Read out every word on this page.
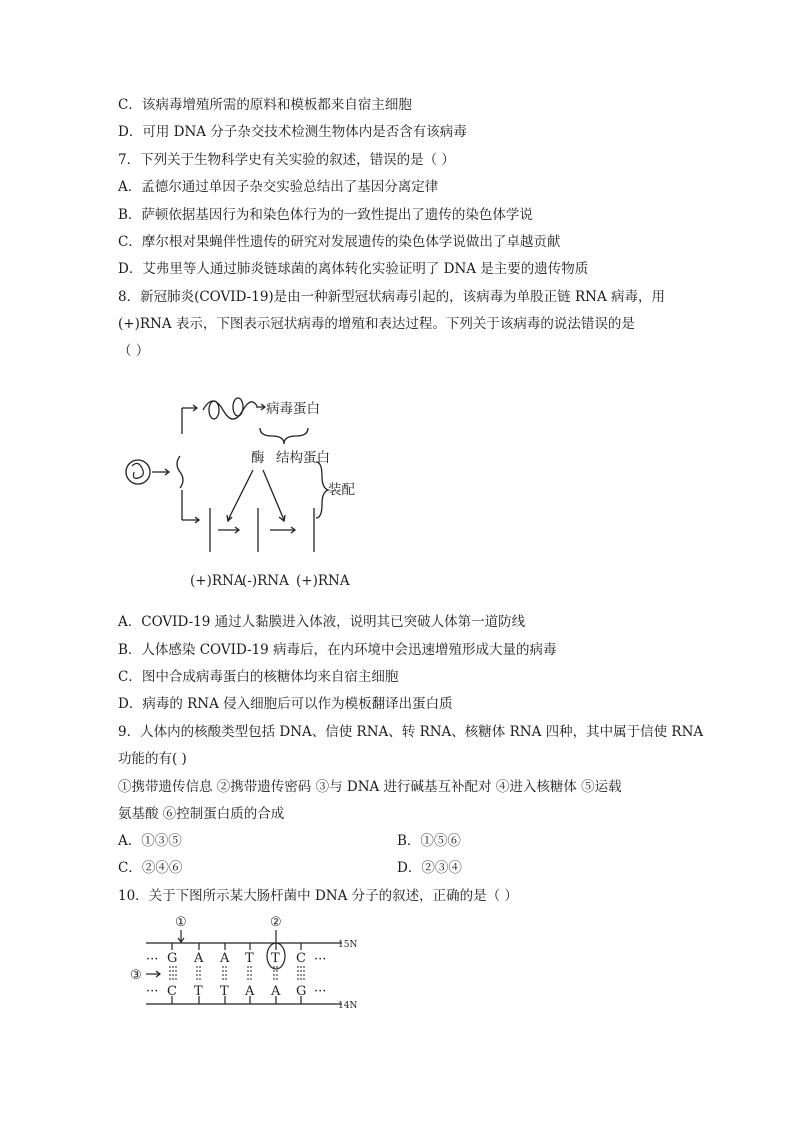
C．该病毒增殖所需的原料和模板都来自宿主细胞
D．可用 DNA 分子杂交技术检测生物体内是否含有该病毒
7．下列关于生物科学史有关实验的叙述，错误的是（ ）
A．孟德尔通过单因子杂交实验总结出了基因分离定律
B．萨顿依据基因行为和染色体行为的一致性提出了遗传的染色体学说
C．摩尔根对果蝇伴性遗传的研究对发展遗传的染色体学说做出了卓越贡献
D．艾弗里等人通过肺炎链球菌的离体转化实验证明了 DNA 是主要的遗传物质
8．新冠肺炎(COVID-19)是由一种新型冠状病毒引起的，该病毒为单股正链 RNA 病毒，用
(+)RNA 表示，下图表示冠状病毒的增殖和表达过程。下列关于该病毒的说法错误的是
（ ）
病毒蛋白
酶 结构蛋白
装配
(+)RNA
(-)RNA (+)RNA
A．COVID-19 通过人黏膜进入体液，说明其已突破人体第一道防线
B．人体感染 COVID-19 病毒后，在内环境中会迅速增殖形成大量的病毒
C．图中合成病毒蛋白的核糖体均来自宿主细胞
D．病毒的 RNA 侵入细胞后可以作为模板翻译出蛋白质
9．人体内的核酸类型包括 DNA、信使 RNA、转 RNA、核糖体 RNA 四种，其中属于信使 RNA
功能的有( )
①携带遗传信息 ②携带遗传密码 ③与 DNA 进行碱基互补配对 ④进入核糖体 ⑤运载
氨基酸 ⑥控制蛋白质的合成
A．①③⑤	B．①⑤⑥
C．②④⑥	D．②③④
10．关于下图所示某大肠杆菌中 DNA 分子的叙述，正确的是（ ）
①	②
③
···	···
···	···
G A A T T C
C T T A A G
15N
14N
